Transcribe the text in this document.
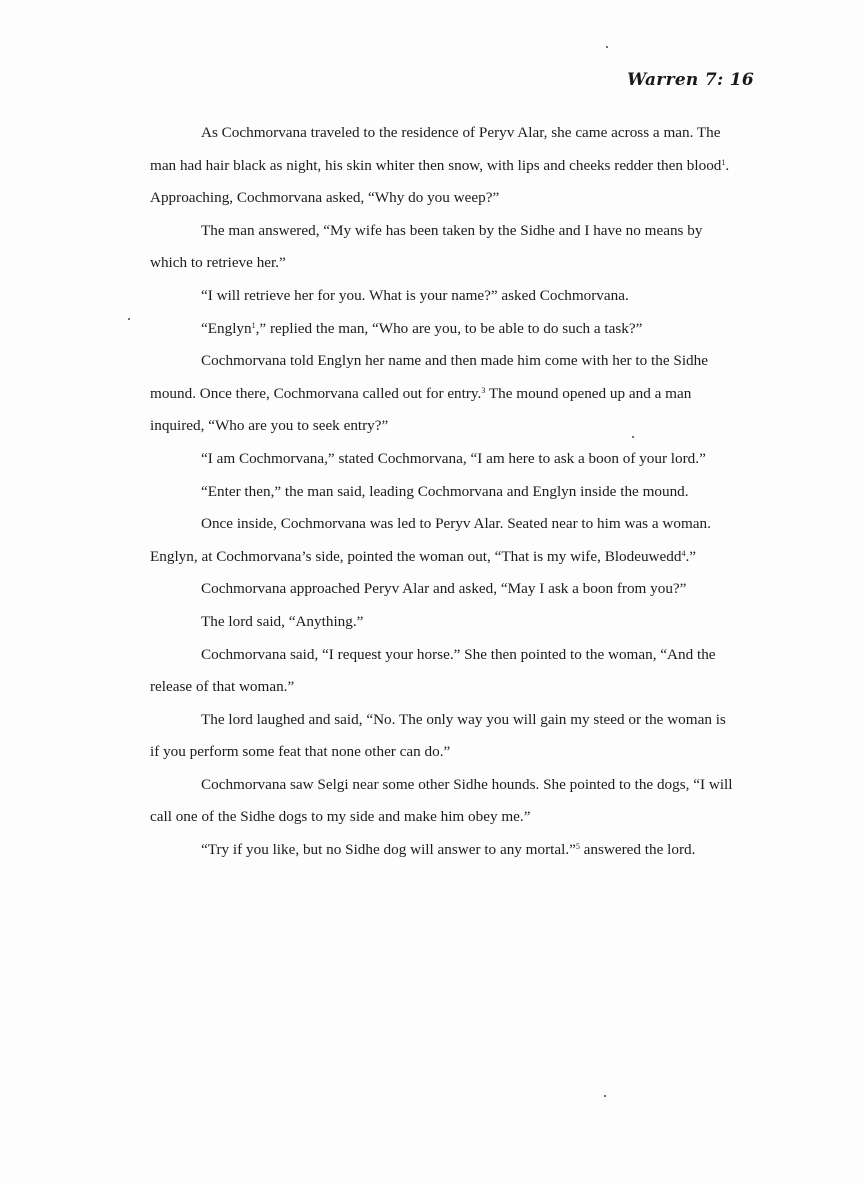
Warren 7: 16

As Cochmorvana traveled to the residence of Peryv Alar, she came across a man. The man had hair black as night, his skin whiter then snow, with lips and cheeks redder then blood$^1$. Approaching, Cochmorvana asked, “Why do you weep?”

The man answered, “My wife has been taken by the Sidhe and I have no means by which to retrieve her.”

“I will retrieve her for you. What is your name?” asked Cochmorvana.

“Englyn$^1$,” replied the man, “Who are you, to be able to do such a task?”

Cochmorvana told Englyn her name and then made him come with her to the Sidhe mound. Once there, Cochmorvana called out for entry.$^3$ The mound opened up and a man inquired, “Who are you to seek entry?”

“I am Cochmorvana,” stated Cochmorvana, “I am here to ask a boon of your lord.”

“Enter then,” the man said, leading Cochmorvana and Englyn inside the mound.

Once inside, Cochmorvana was led to Peryv Alar. Seated near to him was a woman. Englyn, at Cochmorvana’s side, pointed the woman out, “That is my wife, Blodeuwedd$^4$.”

Cochmorvana approached Peryv Alar and asked, “May I ask a boon from you?”

The lord said, “Anything.”

Cochmorvana said, “I request your horse.” She then pointed to the woman, “And the release of that woman.”

The lord laughed and said, “No. The only way you will gain my steed or the woman is if you perform some feat that none other can do.”

Cochmorvana saw Selgi near some other Sidhe hounds. She pointed to the dogs, “I will call one of the Sidhe dogs to my side and make him obey me.”

“Try if you like, but no Sidhe dog will answer to any mortal.”$^5$ answered the lord.
